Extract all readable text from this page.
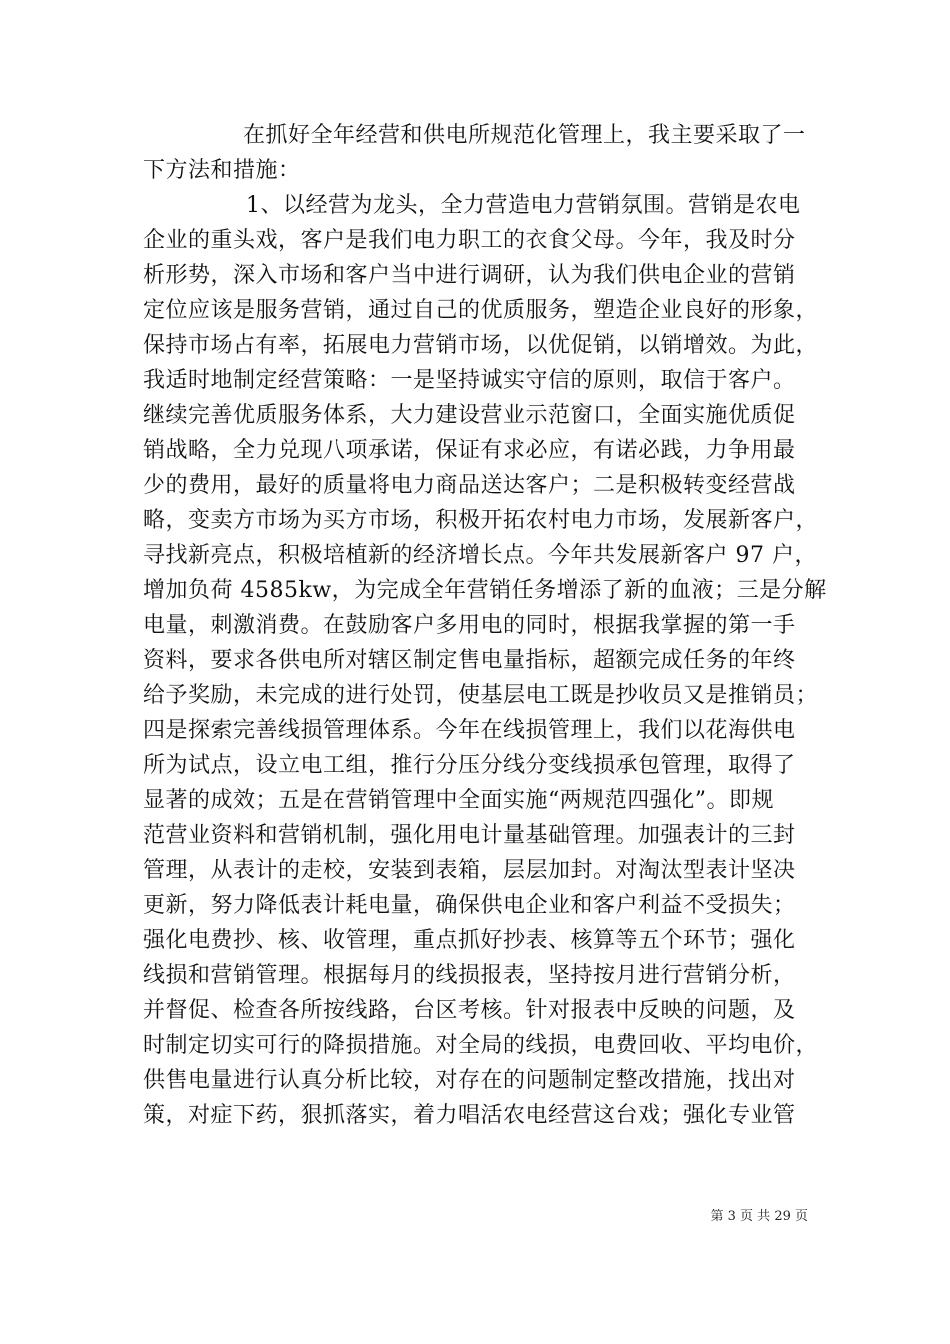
在抓好全年经营和供电所规范化管理上，我主要采取了一
下方法和措施：
1、以经营为龙头，全力营造电力营销氛围。营销是农电
企业的重头戏，客户是我们电力职工的衣食父母。今年，我及时分
析形势，深入市场和客户当中进行调研，认为我们供电企业的营销
定位应该是服务营销，通过自己的优质服务，塑造企业良好的形象，
保持市场占有率，拓展电力营销市场，以优促销，以销增效。为此，
我适时地制定经营策略：一是坚持诚实守信的原则，取信于客户。
继续完善优质服务体系，大力建设营业示范窗口，全面实施优质促
销战略，全力兑现八项承诺，保证有求必应，有诺必践，力争用最
少的费用，最好的质量将电力商品送达客户；二是积极转变经营战
略，变卖方市场为买方市场，积极开拓农村电力市场，发展新客户，
寻找新亮点，积极培植新的经济增长点。今年共发展新客户 97 户，
增加负荷 4585kw，为完成全年营销任务增添了新的血液；三是分解
电量，刺激消费。在鼓励客户多用电的同时，根据我掌握的第一手
资料，要求各供电所对辖区制定售电量指标，超额完成任务的年终
给予奖励，未完成的进行处罚，使基层电工既是抄收员又是推销员；
四是探索完善线损管理体系。今年在线损管理上，我们以花海供电
所为试点，设立电工组，推行分压分线分变线损承包管理，取得了
显著的成效；五是在营销管理中全面实施“两规范四强化”。即规
范营业资料和营销机制，强化用电计量基础管理。加强表计的三封
管理，从表计的走校，安装到表箱，层层加封。对淘汰型表计坚决
更新，努力降低表计耗电量，确保供电企业和客户利益不受损失；
强化电费抄、核、收管理，重点抓好抄表、核算等五个环节；强化
线损和营销管理。根据每月的线损报表，坚持按月进行营销分析，
并督促、检查各所按线路，台区考核。针对报表中反映的问题，及
时制定切实可行的降损措施。对全局的线损，电费回收、平均电价，
供售电量进行认真分析比较，对存在的问题制定整改措施，找出对
策，对症下药，狠抓落实，着力唱活农电经营这台戏；强化专业管
第 3 页 共 29 页
